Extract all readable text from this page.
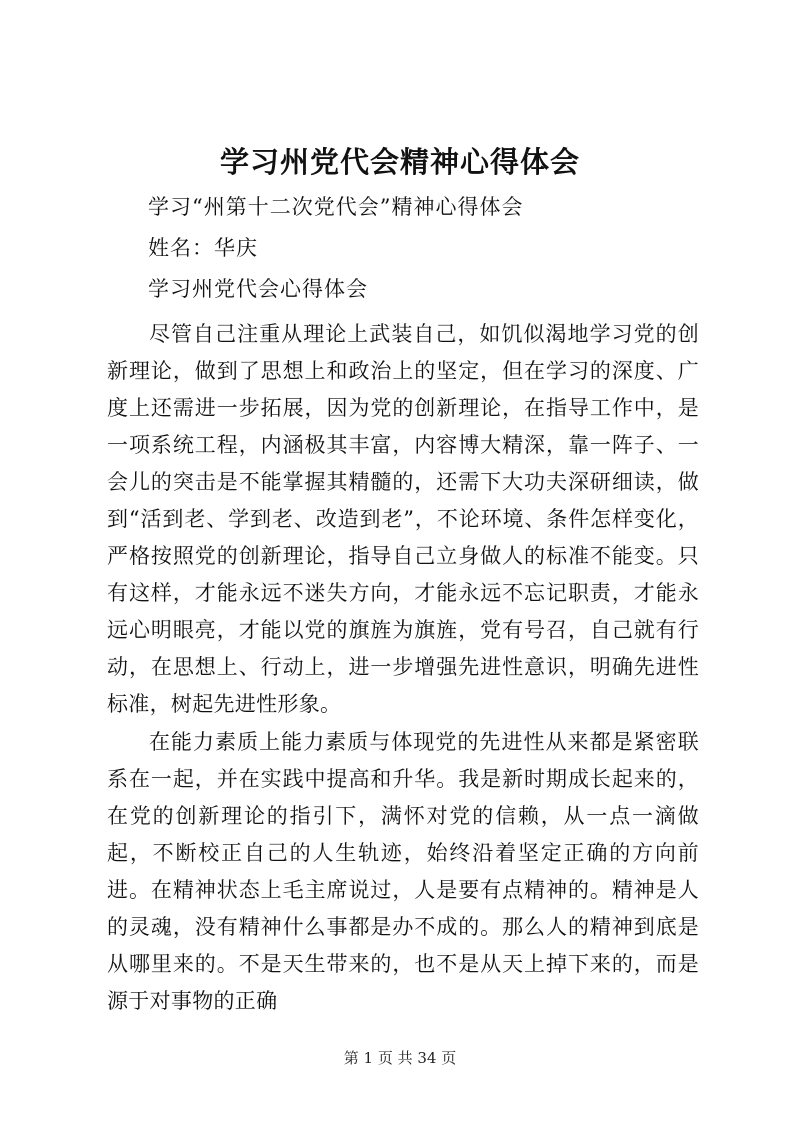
学习州党代会精神心得体会
学习“州第十二次党代会”精神心得体会
姓名：华庆
学习州党代会心得体会
尽管自己注重从理论上武装自己，如饥似渴地学习党的创新理论，做到了思想上和政治上的坚定，但在学习的深度、广度上还需进一步拓展，因为党的创新理论，在指导工作中，是一项系统工程，内涵极其丰富，内容博大精深，靠一阵子、一会儿的突击是不能掌握其精髓的，还需下大功夫深研细读，做到“活到老、学到老、改造到老”，不论环境、条件怎样变化，严格按照党的创新理论，指导自己立身做人的标准不能变。只有这样，才能永远不迷失方向，才能永远不忘记职责，才能永远心明眼亮，才能以党的旗旌为旗旌，党有号召，自己就有行动，在思想上、行动上，进一步增强先进性意识，明确先进性标准，树起先进性形象。
在能力素质上能力素质与体现党的先进性从来都是紧密联系在一起，并在实践中提高和升华。我是新时期成长起来的，在党的创新理论的指引下，满怀对党的信赖，从一点一滴做起，不断校正自己的人生轨迹，始终沿着坚定正确的方向前进。在精神状态上毛主席说过，人是要有点精神的。精神是人的灵魂，没有精神什么事都是办不成的。那么人的精神到底是从哪里来的。不是天生带来的，也不是从天上掉下来的，而是源于对事物的正确
第 1 页 共 34 页
